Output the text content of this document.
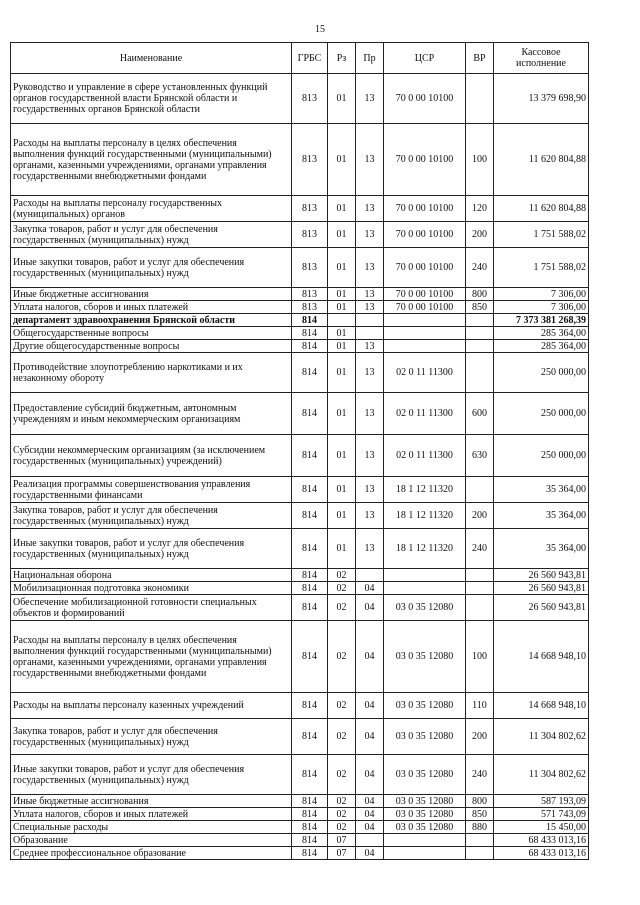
15
Наименование	ГРБС	Рз	Пр	ЦСР	ВР	Кассовое исполнение
Руководство и управление в сфере установленных функций органов государственной власти Брянской области и государственных органов Брянской области	813	01	13	70 0 00 10100		13 379 698,90
Расходы на выплаты персоналу в целях обеспечения выполнения функций государственными (муниципальными) органами, казенными учреждениями, органами управления государственными внебюджетными фондами	813	01	13	70 0 00 10100	100	11 620 804,88
Расходы на выплаты персоналу государственных (муниципальных) органов	813	01	13	70 0 00 10100	120	11 620 804,88
Закупка товаров, работ и услуг для обеспечения государственных (муниципальных) нужд	813	01	13	70 0 00 10100	200	1 751 588,02
Иные закупки товаров, работ и услуг для обеспечения государственных (муниципальных) нужд	813	01	13	70 0 00 10100	240	1 751 588,02
Иные бюджетные ассигнования	813	01	13	70 0 00 10100	800	7 306,00
Уплата налогов, сборов и иных платежей	813	01	13	70 0 00 10100	850	7 306,00
департамент здравоохранения Брянской области	814					7 373 381 268,39
Общегосударственные вопросы	814	01				285 364,00
Другие общегосударственные вопросы	814	01	13			285 364,00
Противодействие злоупотреблению наркотиками и их незаконному обороту	814	01	13	02 0 11 11300		250 000,00
Предоставление субсидий бюджетным, автономным учреждениям и иным некоммерческим организациям	814	01	13	02 0 11 11300	600	250 000,00
Субсидии некоммерческим организациям (за исключением государственных (муниципальных) учреждений)	814	01	13	02 0 11 11300	630	250 000,00
Реализация программы совершенствования управления государственными финансами	814	01	13	18 1 12 11320		35 364,00
Закупка товаров, работ и услуг для обеспечения государственных (муниципальных) нужд	814	01	13	18 1 12 11320	200	35 364,00
Иные закупки товаров, работ и услуг для обеспечения государственных (муниципальных) нужд	814	01	13	18 1 12 11320	240	35 364,00
Национальная оборона	814	02				26 560 943,81
Мобилизационная подготовка экономики	814	02	04			26 560 943,81
Обеспечение мобилизационной готовности специальных объектов и формирований	814	02	04	03 0 35 12080		26 560 943,81
Расходы на выплаты персоналу в целях обеспечения выполнения функций государственными (муниципальными) органами, казенными учреждениями, органами управления государственными внебюджетными фондами	814	02	04	03 0 35 12080	100	14 668 948,10
Расходы на выплаты персоналу казенных учреждений	814	02	04	03 0 35 12080	110	14 668 948,10
Закупка товаров, работ и услуг для обеспечения государственных (муниципальных) нужд	814	02	04	03 0 35 12080	200	11 304 802,62
Иные закупки товаров, работ и услуг для обеспечения государственных (муниципальных) нужд	814	02	04	03 0 35 12080	240	11 304 802,62
Иные бюджетные ассигнования	814	02	04	03 0 35 12080	800	587 193,09
Уплата налогов, сборов и иных платежей	814	02	04	03 0 35 12080	850	571 743,09
Специальные расходы	814	02	04	03 0 35 12080	880	15 450,00
Образование	814	07				68 433 013,16
Среднее профессиональное образование	814	07	04			68 433 013,16
